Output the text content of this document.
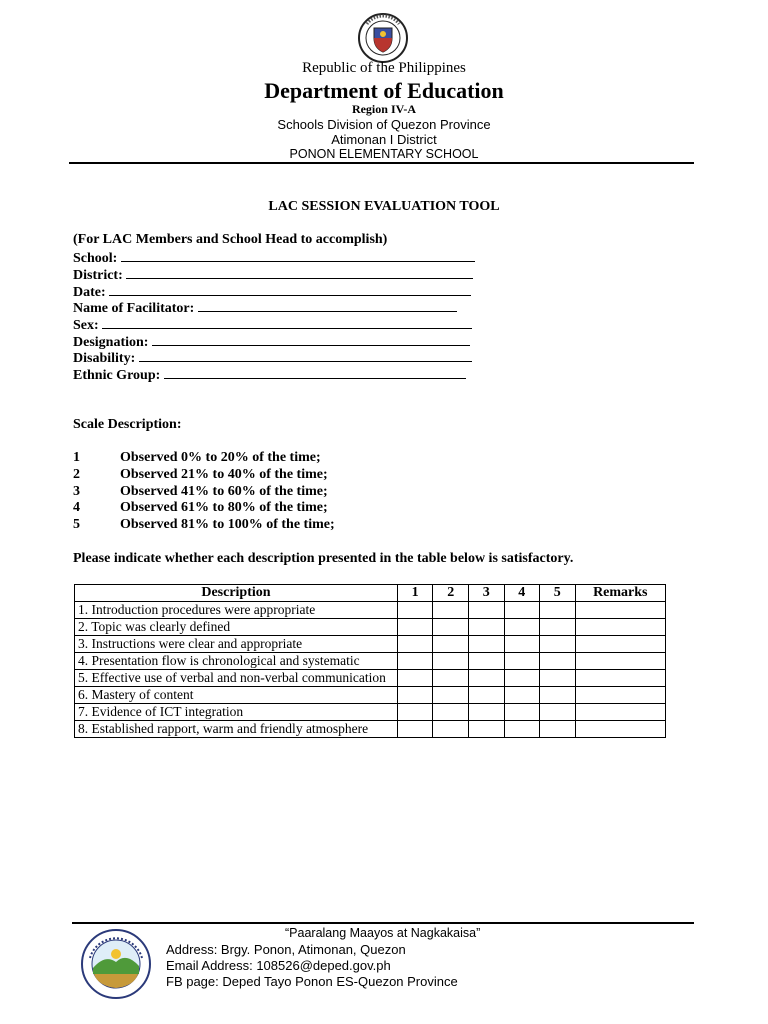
Republic of the Philippines
Department of Education
Region IV-A
Schools Division of Quezon Province
Atimonan I District
PONON ELEMENTARY SCHOOL
LAC SESSION EVALUATION TOOL
(For LAC Members and School Head to accomplish)
School:
District:
Date:
Name of Facilitator:
Sex:
Designation:
Disability:
Ethnic Group:
Scale Description:
1	Observed 0% to 20% of the time;
2	Observed 21% to 40% of the time;
3	Observed 41% to 60% of the time;
4	Observed 61% to 80% of the time;
5	Observed 81% to 100% of the time;
Please indicate whether each description presented in the table below is satisfactory.
Description	1	2	3	4	5	Remarks
1. Introduction procedures were appropriate						
2. Topic was clearly defined						
3. Instructions were clear and appropriate						
4. Presentation flow is chronological and systematic						
5. Effective use of verbal and non-verbal communication						
6. Mastery of content						
7. Evidence of ICT integration						
8. Established rapport, warm and friendly atmosphere						
“Paaralang Maayos at Nagkakaisa”
Address: Brgy. Ponon, Atimonan, Quezon
Email Address: 108526@deped.gov.ph
FB page: Deped Tayo Ponon ES-Quezon Province
